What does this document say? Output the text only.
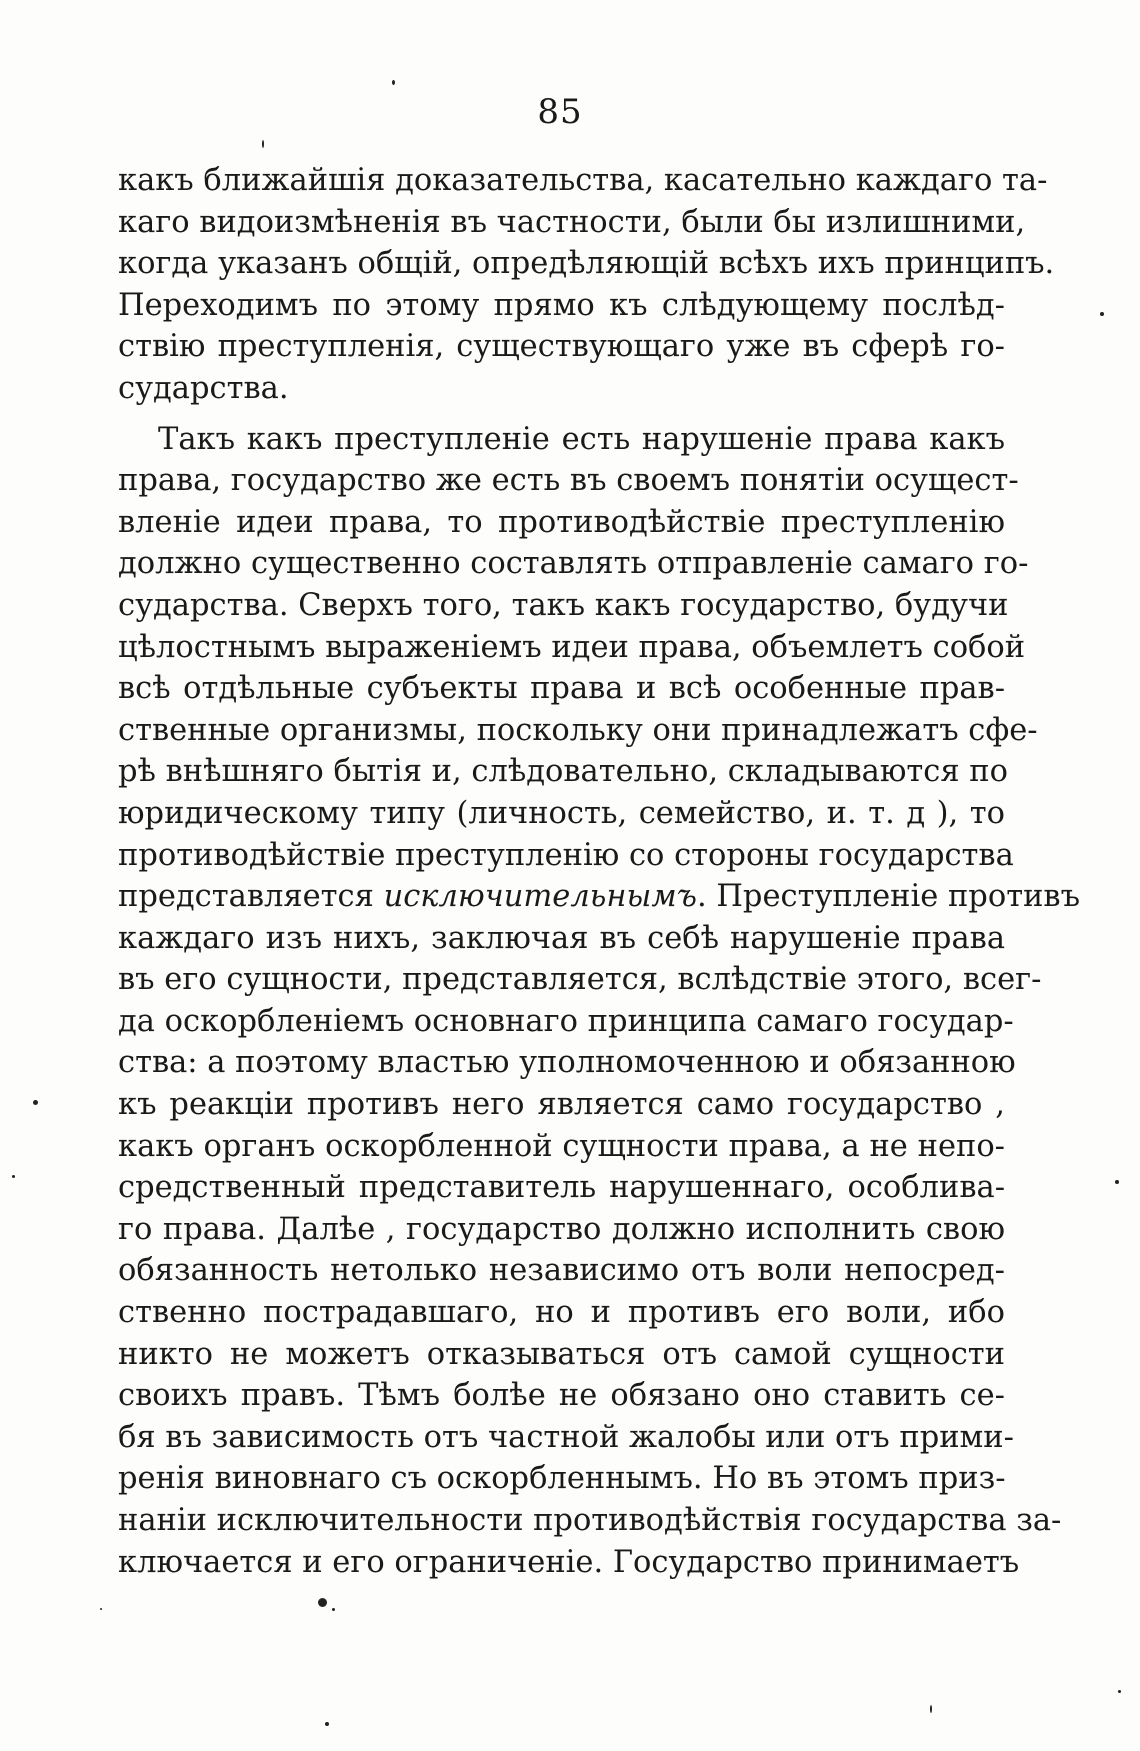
85
какъ ближайшія доказательства, касательно каждаго та-
каго видоизмѣненія въ частности, были бы излишними,
когда указанъ общій, опредѣляющій всѣхъ ихъ принципъ.
Переходимъ по этому прямо къ слѣдующему послѣд-
ствію преступленія, существующаго уже въ сферѣ го-
сударства.
Такъ какъ преступленіе есть нарушеніе права какъ
права, государство же есть въ своемъ понятіи осущест-
вленіе идеи права, то противодѣйствіе преступленію
должно существенно составлять отправленіе самаго го-
сударства. Сверхъ того, такъ какъ государство, будучи
цѣлостнымъ выраженіемъ идеи права, объемлетъ собой
всѣ отдѣльные субъекты права и всѣ особенные прав-
ственные организмы, поскольку они принадлежатъ сфе-
рѣ внѣшняго бытія и, слѣдовательно, складываются по
юридическому типу (личность, семейство, и. т. д ), то
противодѣйствіе преступленію со стороны государства
представляется исключительнымъ. Преступленіе противъ
каждаго изъ нихъ, заключая въ себѣ нарушеніе права
въ его сущности, представляется, вслѣдствіе этого, всег-
да оскорбленіемъ основнаго принципа самаго государ-
ства: а поэтому властью уполномоченною и обязанною
къ реакціи противъ него является само государство ,
какъ органъ оскорбленной сущности права, а не непо-
средственный представитель нарушеннаго, особлива-
го права. Далѣе , государство должно исполнить свою
обязанность нетолько независимо отъ воли непосред-
ственно пострадавшаго, но и противъ его воли, ибо
никто не можетъ отказываться отъ самой сущности
своихъ правъ. Тѣмъ болѣе не обязано оно ставить се-
бя въ зависимость отъ частной жалобы или отъ прими-
ренія виновнаго съ оскорбленнымъ. Но въ этомъ приз-
наніи исключительности противодѣйствія государства за-
ключается и его ограниченіе. Государство принимаетъ
